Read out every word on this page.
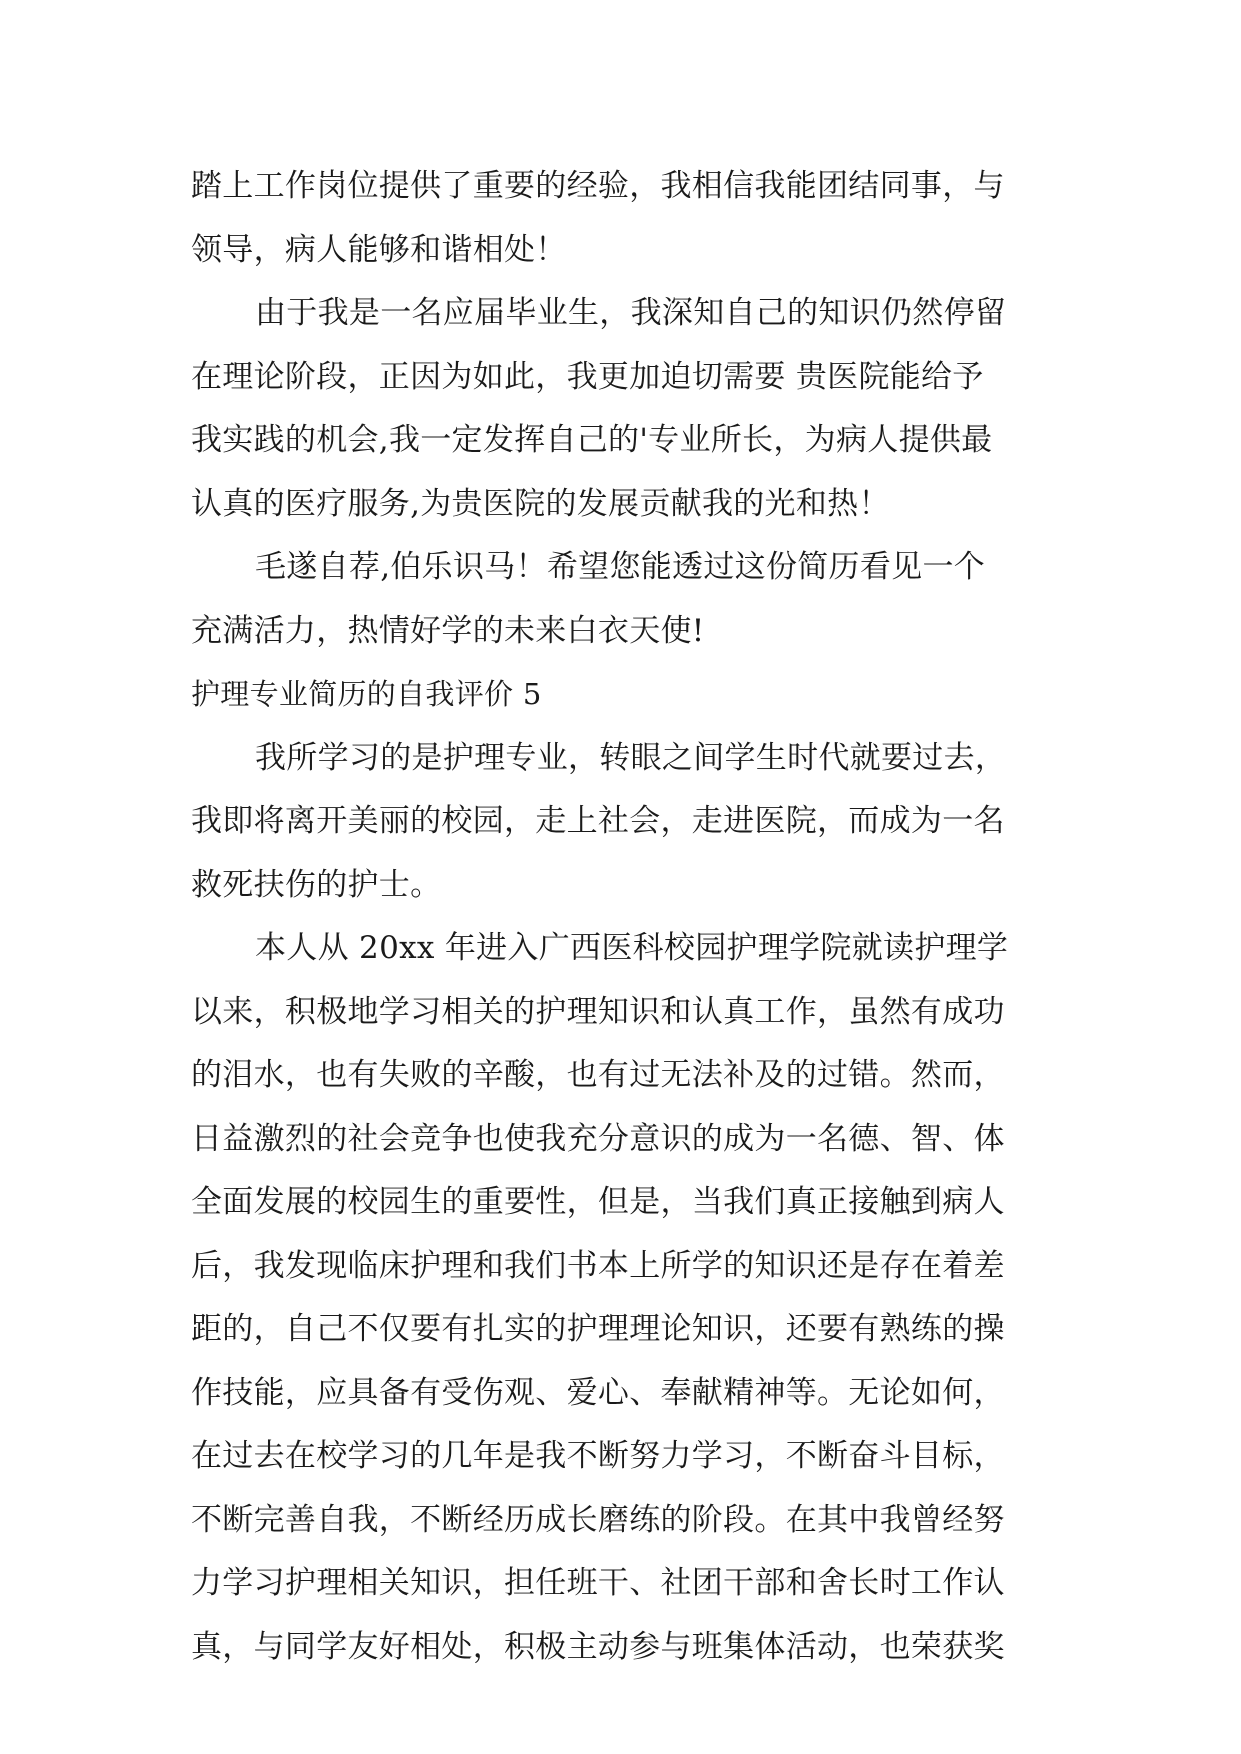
踏上工作岗位提供了重要的经验，我相信我能团结同事，与
领导，病人能够和谐相处！
由于我是一名应届毕业生，我深知自己的知识仍然停留
在理论阶段，正因为如此，我更加迫切需要 贵医院能给予
我实践的机会,我一定发挥自己的'专业所长，为病人提供最
认真的医疗服务,为贵医院的发展贡献我的光和热！
毛遂自荐,伯乐识马！希望您能透过这份简历看见一个
充满活力，热情好学的未来白衣天使!
护理专业简历的自我评价 5
我所学习的是护理专业，转眼之间学生时代就要过去，
我即将离开美丽的校园，走上社会，走进医院，而成为一名
救死扶伤的护士。
本人从 20xx 年进入广西医科校园护理学院就读护理学
以来，积极地学习相关的护理知识和认真工作，虽然有成功
的泪水，也有失败的辛酸，也有过无法补及的过错。然而，
日益激烈的社会竞争也使我充分意识的成为一名德、智、体
全面发展的校园生的重要性，但是，当我们真正接触到病人
后，我发现临床护理和我们书本上所学的知识还是存在着差
距的，自己不仅要有扎实的护理理论知识，还要有熟练的操
作技能，应具备有受伤观、爱心、奉献精神等。无论如何，
在过去在校学习的几年是我不断努力学习，不断奋斗目标，
不断完善自我，不断经历成长磨练的阶段。在其中我曾经努
力学习护理相关知识，担任班干、社团干部和舍长时工作认
真，与同学友好相处，积极主动参与班集体活动，也荣获奖
